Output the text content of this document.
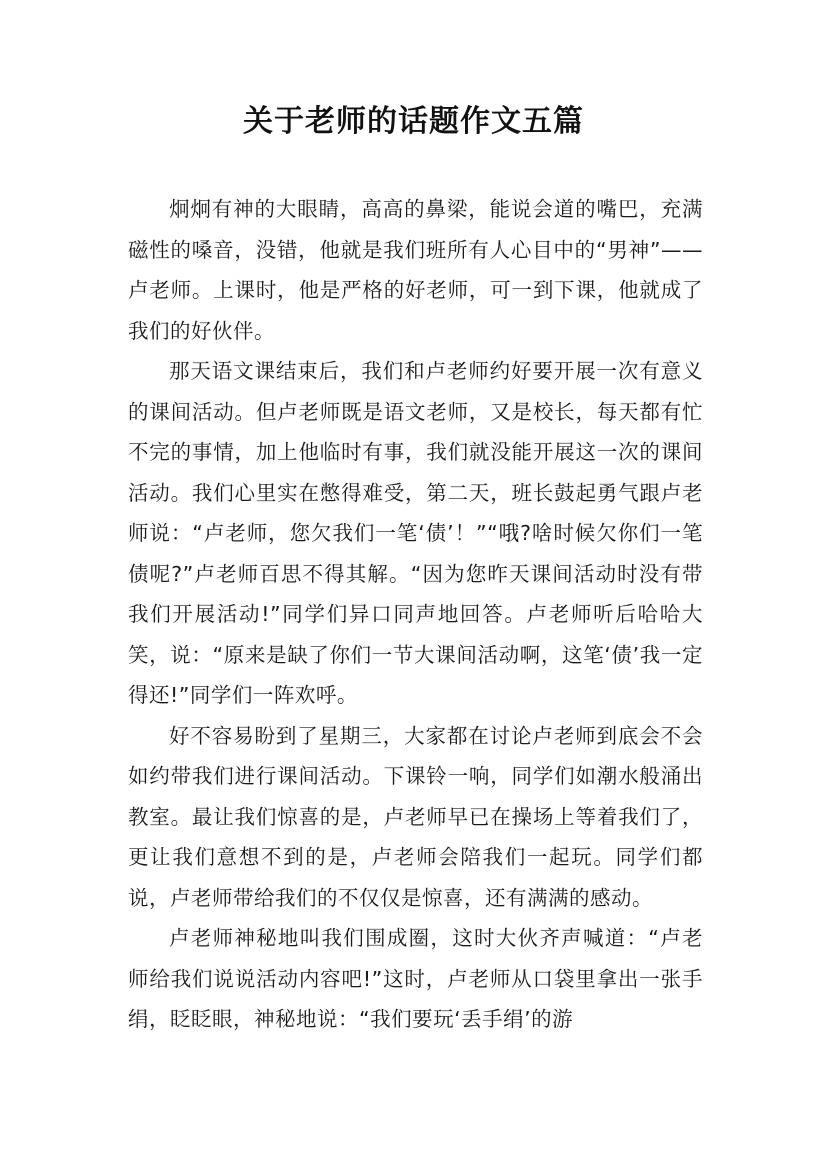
关于老师的话题作文五篇

炯炯有神的大眼睛，高高的鼻梁，能说会道的嘴巴，充满磁性的嗓音，没错，他就是我们班所有人心目中的“男神”——卢老师。上课时，他是严格的好老师，可一到下课，他就成了我们的好伙伴。

那天语文课结束后，我们和卢老师约好要开展一次有意义的课间活动。但卢老师既是语文老师，又是校长，每天都有忙不完的事情，加上他临时有事，我们就没能开展这一次的课间活动。我们心里实在憋得难受，第二天，班长鼓起勇气跟卢老师说：“卢老师，您欠我们一笔‘债’！”“哦?啥时候欠你们一笔债呢?”卢老师百思不得其解。“因为您昨天课间活动时没有带我们开展活动!”同学们异口同声地回答。卢老师听后哈哈大笑，说：“原来是缺了你们一节大课间活动啊，这笔‘债’我一定得还!”同学们一阵欢呼。

好不容易盼到了星期三，大家都在讨论卢老师到底会不会如约带我们进行课间活动。下课铃一响，同学们如潮水般涌出教室。最让我们惊喜的是，卢老师早已在操场上等着我们了，更让我们意想不到的是，卢老师会陪我们一起玩。同学们都说，卢老师带给我们的不仅仅是惊喜，还有满满的感动。

卢老师神秘地叫我们围成圈，这时大伙齐声喊道：“卢老师给我们说说活动内容吧!”这时，卢老师从口袋里拿出一张手绢，眨眨眼，神秘地说：“我们要玩‘丢手绢’的游
